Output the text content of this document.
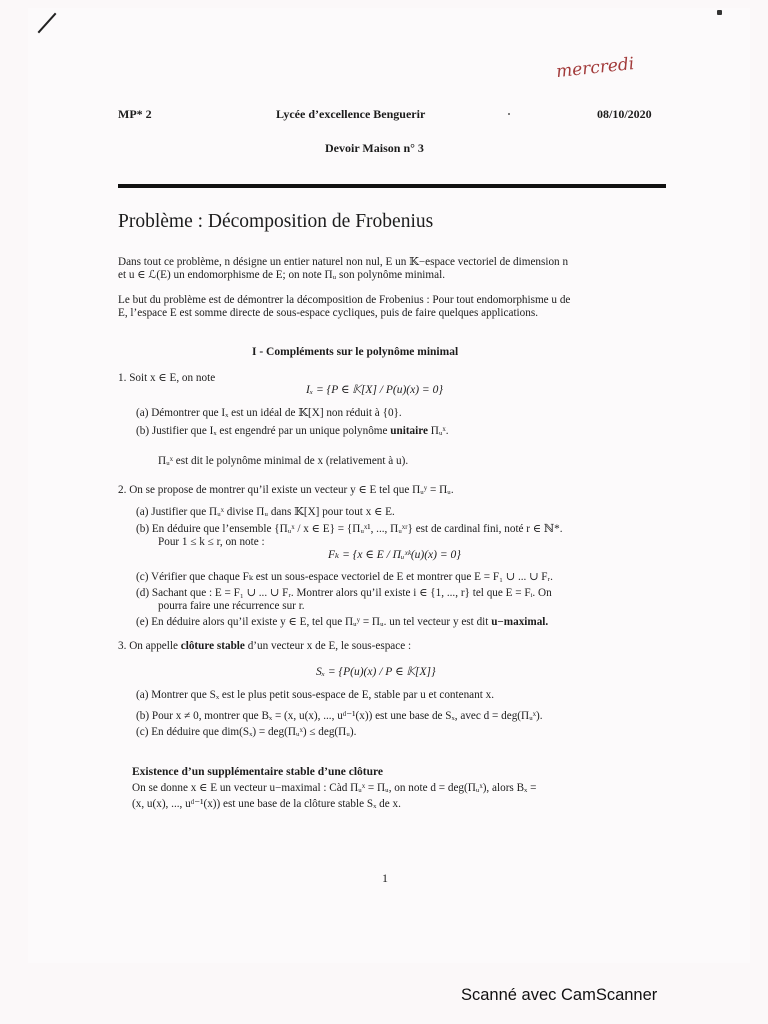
mercredi
MP* 2	Lycée d’excellence Benguerir	08/10/2020
Devoir Maison n° 3
Problème : Décomposition de Frobenius
Dans tout ce problème, n désigne un entier naturel non nul, E un 𝕂−espace vectoriel de dimension n
et u ∈ ℒ(E) un endomorphisme de E; on note Πᵤ son polynôme minimal.
Le but du problème est de démontrer la décomposition de Frobenius : Pour tout endomorphisme u de
E, l’espace E est somme directe de sous-espace cycliques, puis de faire quelques applications.
I - Compléments sur le polynôme minimal
1. Soit x ∈ E, on note
Iₓ = {P ∈ 𝕂[X] / P(u)(x) = 0}
(a) Démontrer que Iₓ est un idéal de 𝕂[X] non réduit à {0}.
(b) Justifier que Iₓ est engendré par un unique polynôme unitaire Πᵤˣ.
Πᵤˣ est dit le polynôme minimal de x (relativement à u).
2. On se propose de montrer qu’il existe un vecteur y ∈ E tel que Πᵤʸ = Πᵤ.
(a) Justifier que Πᵤˣ divise Πᵤ dans 𝕂[X] pour tout x ∈ E.
(b) En déduire que l’ensemble {Πᵤˣ / x ∈ E} = {Πᵤˣ¹, ..., Πᵤˣʳ} est de cardinal fini, noté r ∈ ℕ*.
Pour 1 ≤ k ≤ r, on note :
Fₖ = {x ∈ E / Πᵤˣᵏ(u)(x) = 0}
(c) Vérifier que chaque Fₖ est un sous-espace vectoriel de E et montrer que E = F₁ ∪ ... ∪ Fᵣ.
(d) Sachant que : E = F₁ ∪ ... ∪ Fᵣ. Montrer alors qu’il existe i ∈ {1, ..., r} tel que E = Fᵢ. On
pourra faire une récurrence sur r.
(e) En déduire alors qu’il existe y ∈ E, tel que Πᵤʸ = Πᵤ. un tel vecteur y est dit u−maximal.
3. On appelle clôture stable d’un vecteur x de E, le sous-espace :
Sₓ = {P(u)(x) / P ∈ 𝕂[X]}
(a) Montrer que Sₓ est le plus petit sous-espace de E, stable par u et contenant x.
(b) Pour x ≠ 0, montrer que Bₓ = (x, u(x), ..., uᵈ⁻¹(x)) est une base de Sₓ, avec d = deg(Πᵤˣ).
(c) En déduire que dim(Sₓ) = deg(Πᵤˣ) ≤ deg(Πᵤ).
Existence d’un supplémentaire stable d’une clôture
On se donne x ∈ E un vecteur u−maximal : Càd Πᵤˣ = Πᵤ, on note d = deg(Πᵤˣ), alors Bₓ =
(x, u(x), ..., uᵈ⁻¹(x)) est une base de la clôture stable Sₓ de x.
1
Scanné avec CamScanner
